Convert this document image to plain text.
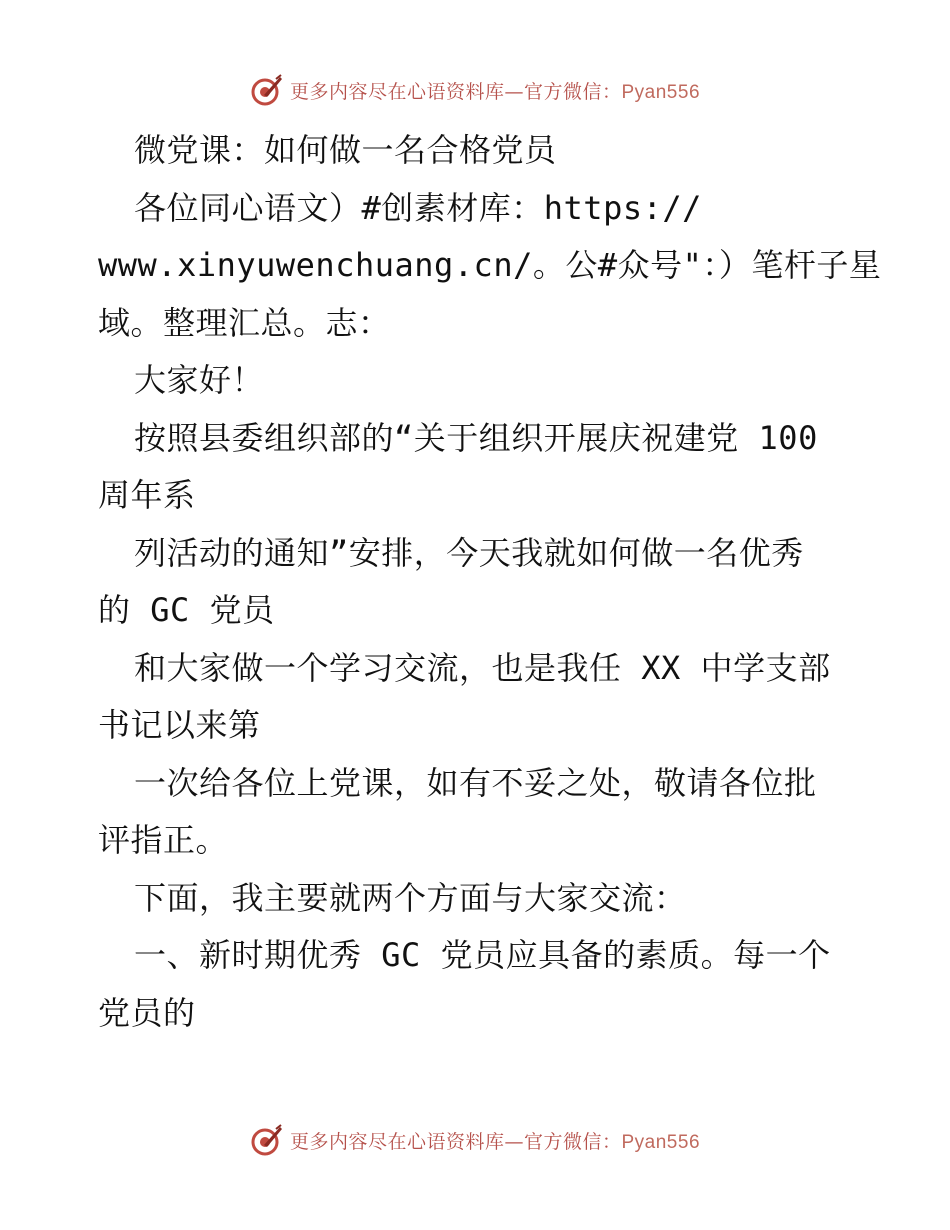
更多内容尽在心语资料库—官方微信：Pyan556
微党课：如何做一名合格党员
各位同心语文）#创素材库：https://
www.xinyuwenchuang.cn/。公#众号"：）笔杆子星
域。整理汇总。志：
大家好！
按照县委组织部的“关于组织开展庆祝建党 100
周年系
列活动的通知”安排，今天我就如何做一名优秀
的 GC 党员
和大家做一个学习交流，也是我任 XX 中学支部
书记以来第
一次给各位上党课，如有不妥之处，敬请各位批
评指正。
下面，我主要就两个方面与大家交流：
一、新时期优秀 GC 党员应具备的素质。每一个
党员的
更多内容尽在心语资料库—官方微信：Pyan556
